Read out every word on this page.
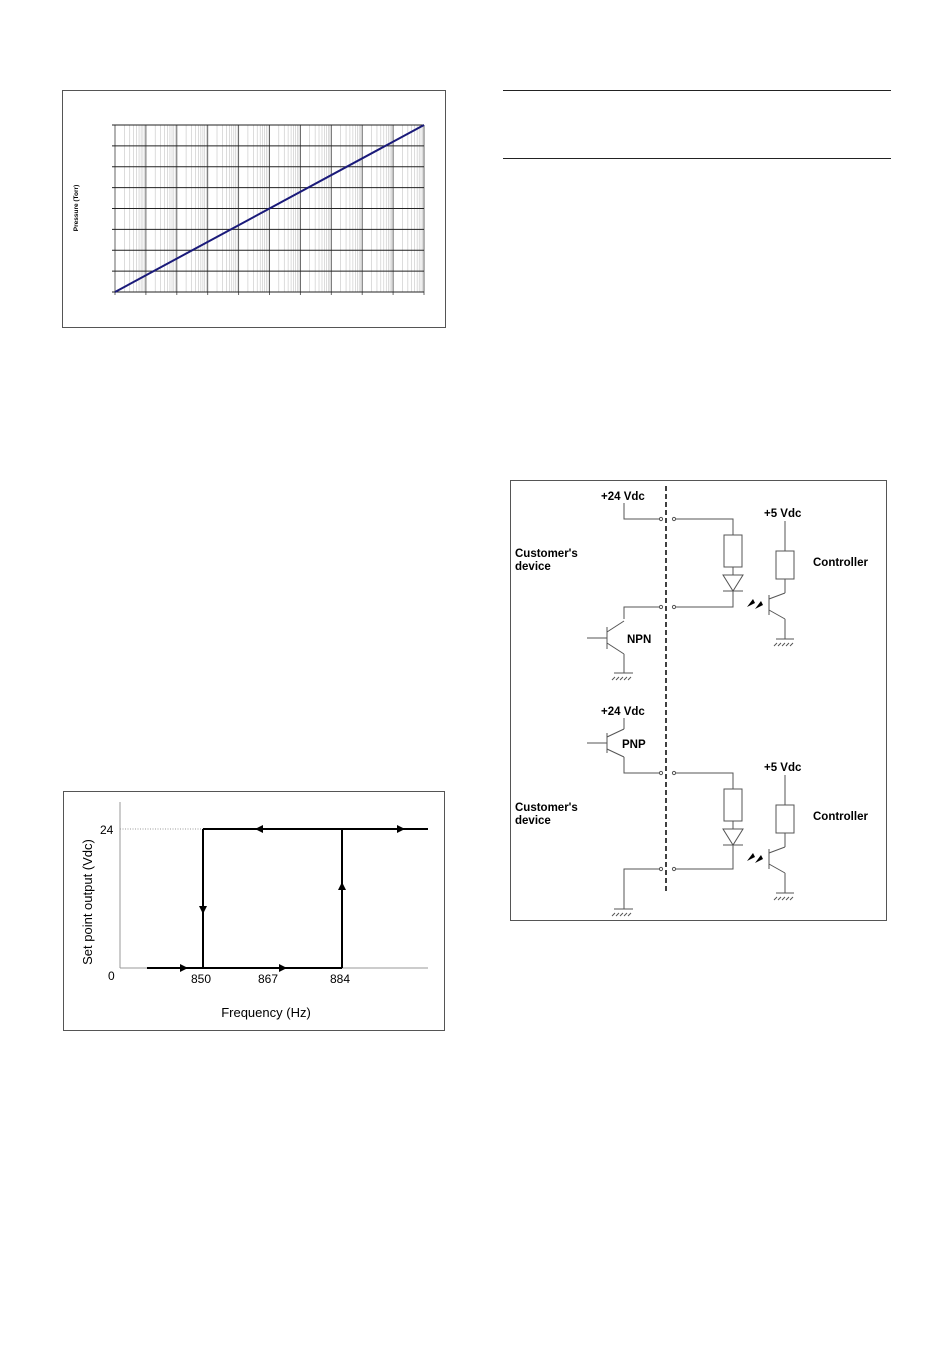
Pressure (Torr)
+24 Vdc
Customer's
device
+5 Vdc
Controller
NPN
+24 Vdc
PNP
Customer's
device
+5 Vdc
Controller
24
0	850	867	884
Frequency (Hz)
Set point output (Vdc)
